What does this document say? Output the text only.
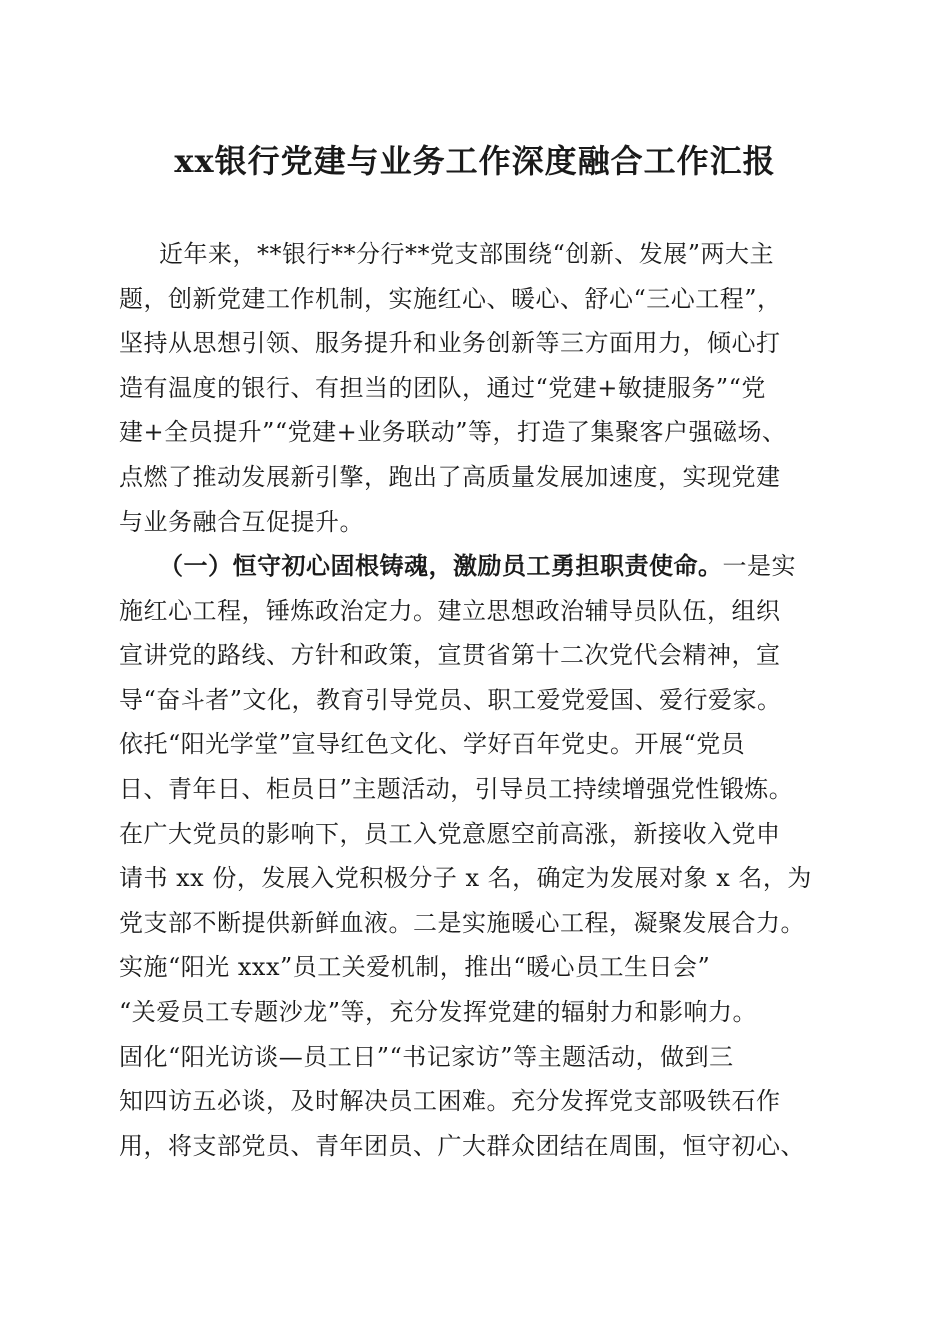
xx银行党建与业务工作深度融合工作汇报
近年来，**银行**分行**党支部围绕“创新、发展”两大主
题，创新党建工作机制，实施红心、暖心、舒心“三心工程”，
坚持从思想引领、服务提升和业务创新等三方面用力，倾心打
造有温度的银行、有担当的团队，通过“党建+敏捷服务”“党
建+全员提升”“党建+业务联动”等，打造了集聚客户强磁场、
点燃了推动发展新引擎，跑出了高质量发展加速度，实现党建
与业务融合互促提升。
（一）恒守初心固根铸魂，激励员工勇担职责使命。一是实
施红心工程，锤炼政治定力。建立思想政治辅导员队伍，组织
宣讲党的路线、方针和政策，宣贯省第十二次党代会精神，宣
导“奋斗者”文化，教育引导党员、职工爱党爱国、爱行爱家。
依托“阳光学堂”宣导红色文化、学好百年党史。开展“党员
日、青年日、柜员日”主题活动，引导员工持续增强党性锻炼。
在广大党员的影响下，员工入党意愿空前高涨，新接收入党申
请书 xx 份，发展入党积极分子 x 名，确定为发展对象 x 名，为
党支部不断提供新鲜血液。二是实施暖心工程，凝聚发展合力。
实施“阳光 xxx”员工关爱机制，推出“暖心员工生日会”
“关爱员工专题沙龙”等，充分发挥党建的辐射力和影响力。
固化“阳光访谈—员工日”“书记家访”等主题活动，做到三
知四访五必谈，及时解决员工困难。充分发挥党支部吸铁石作
用，将支部党员、青年团员、广大群众团结在周围，恒守初心、
